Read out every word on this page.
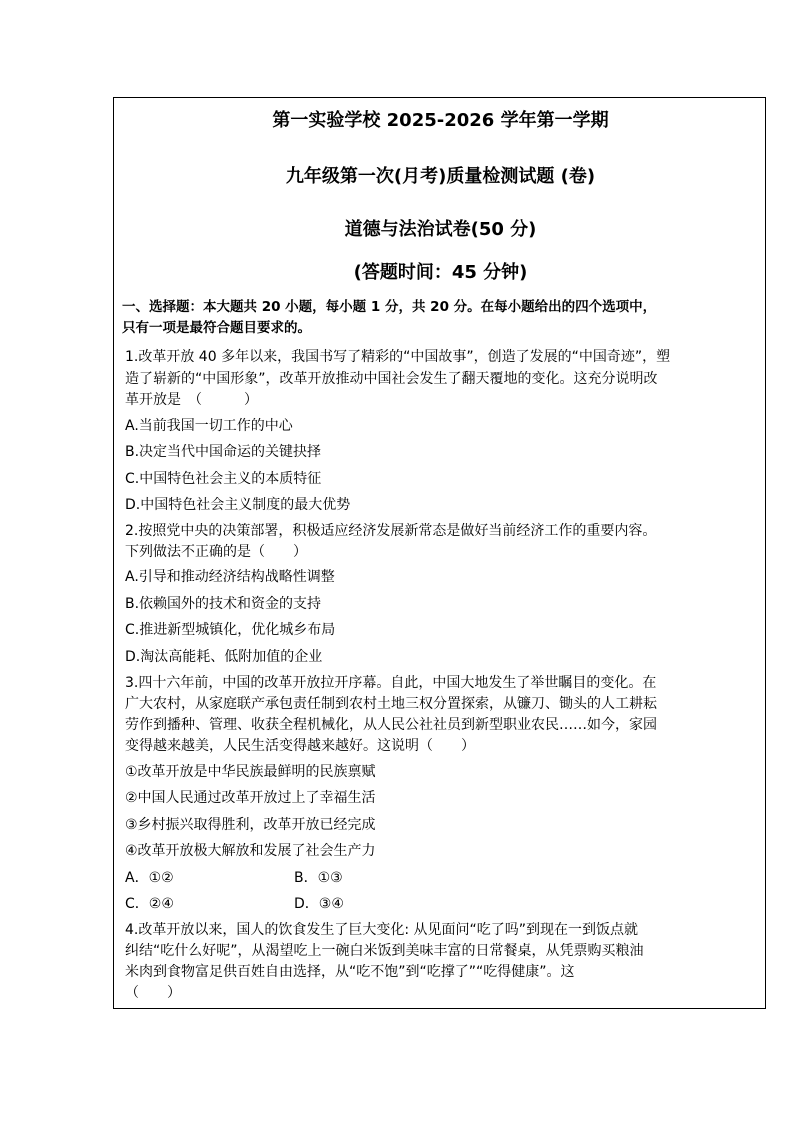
第一实验学校 2025-2026 学年第一学期
九年级第一次(月考)质量检测试题 (卷)
道德与法治试卷(50 分)
(答题时间：45 分钟)
一、选择题：本大题共 20 小题，每小题 1 分，共 20 分。在每小题给出的四个选项中，
只有一项是最符合题目要求的。
1.改革开放 40 多年以来，我国书写了精彩的“中国故事”，创造了发展的“中国奇迹”，塑
造了崭新的“中国形象”，改革开放推动中国社会发生了翻天覆地的变化。这充分说明改
革开放是　（　　　）
A.当前我国一切工作的中心
B.决定当代中国命运的关键抉择
C.中国特色社会主义的本质特征
D.中国特色社会主义制度的最大优势
2.按照党中央的决策部署，积极适应经济发展新常态是做好当前经济工作的重要内容。
下列做法不正确的是（　　）
A.引导和推动经济结构战略性调整
B.依赖国外的技术和资金的支持
C.推进新型城镇化，优化城乡布局
D.淘汰高能耗、低附加值的企业
3.四十六年前，中国的改革开放拉开序幕。自此，中国大地发生了举世瞩目的变化。在
广大农村，从家庭联产承包责任制到农村土地三权分置探索，从镰刀、锄头的人工耕耘
劳作到播种、管理、收获全程机械化，从人民公社社员到新型职业农民……如今，家园
变得越来越美，人民生活变得越来越好。这说明（　　）
①改革开放是中华民族最鲜明的民族禀赋
②中国人民通过改革开放过上了幸福生活
③乡村振兴取得胜利，改革开放已经完成
④改革开放极大解放和发展了社会生产力
A．①②	B．①③
C．②④	D．③④
4.改革开放以来，国人的饮食发生了巨大变化: 从见面问“吃了吗”到现在一到饭点就
纠结“吃什么好呢”，从渴望吃上一碗白米饭到美味丰富的日常餐桌，从凭票购买粮油
米肉到食物富足供百姓自由选择，从“吃不饱”到“吃撑了”“吃得健康”。这
（　　）
